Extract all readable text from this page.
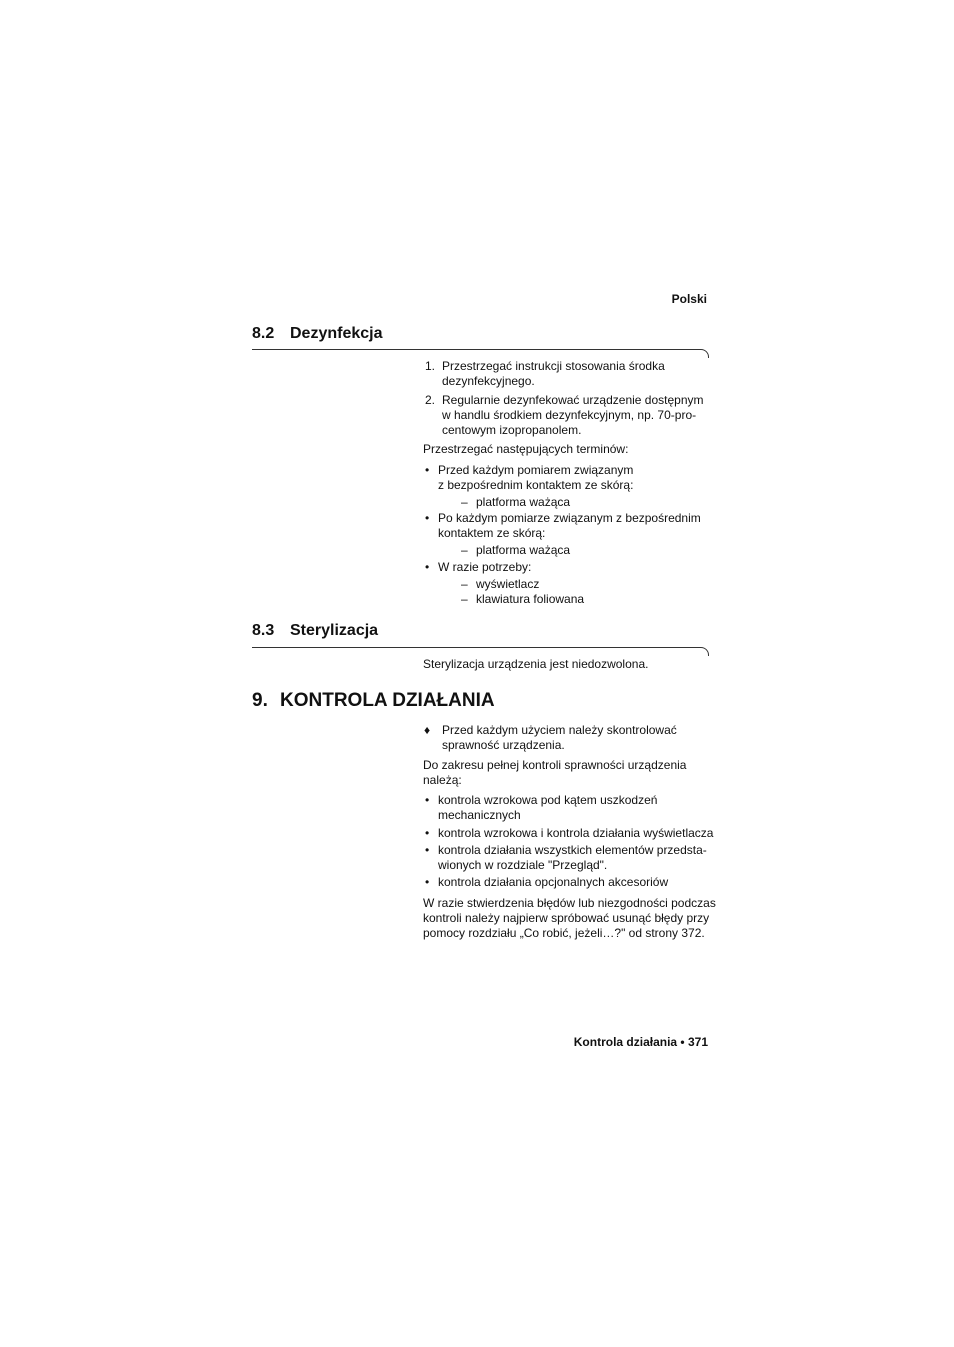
Polski
8.2 Dezynfekcja
1. Przestrzegać instrukcji stosowania środka
dezynfekcyjnego.
2. Regularnie dezynfekować urządzenie dostępnym
w handlu środkiem dezynfekcyjnym, np. 70-pro-
centowym izopropanolem.
Przestrzegać następujących terminów:
• Przed każdym pomiarem związanym
z bezpośrednim kontaktem ze skórą:
– platforma ważąca
• Po każdym pomiarze związanym z bezpośrednim
kontaktem ze skórą:
– platforma ważąca
• W razie potrzeby:
– wyświetlacz
– klawiatura foliowana
8.3 Sterylizacja
Sterylizacja urządzenia jest niedozwolona.
9. KONTROLA DZIAŁANIA
♦ Przed każdym użyciem należy skontrolować
sprawność urządzenia.
Do zakresu pełnej kontroli sprawności urządzenia
należą:
• kontrola wzrokowa pod kątem uszkodzeń
mechanicznych
• kontrola wzrokowa i kontrola działania wyświetlacza
• kontrola działania wszystkich elementów przedsta-
wionych w rozdziale "Przegląd".
• kontrola działania opcjonalnych akcesoriów
W razie stwierdzenia błędów lub niezgodności podczas
kontroli należy najpierw spróbować usunąć błędy przy
pomocy rozdziału „Co robić, jeżeli…?" od strony 372.
Kontrola działania • 371
